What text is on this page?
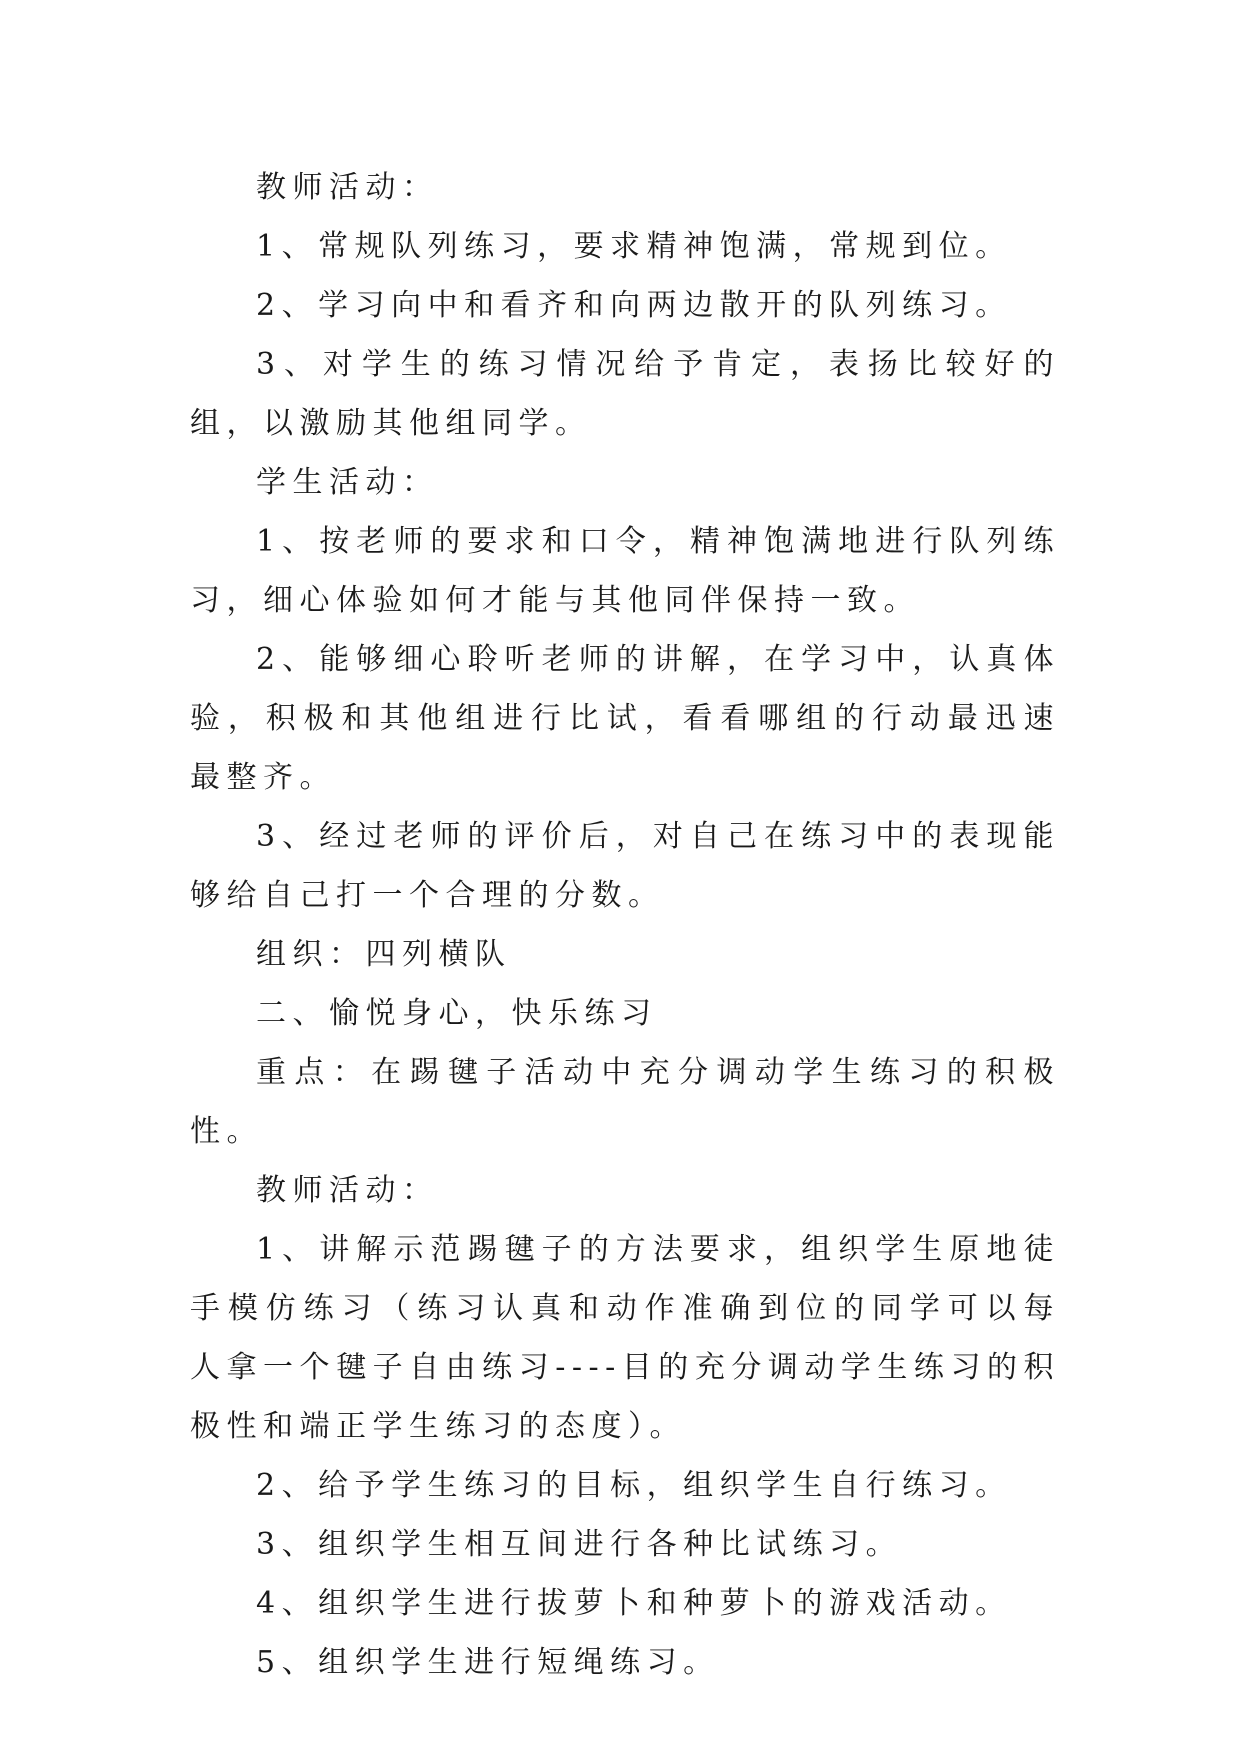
教师活动：

1、常规队列练习，要求精神饱满，常规到位。

2、学习向中和看齐和向两边散开的队列练习。

3、对学生的练习情况给予肯定，表扬比较好的组，以激励其他组同学。

学生活动：

1、按老师的要求和口令，精神饱满地进行队列练习，细心体验如何才能与其他同伴保持一致。

2、能够细心聆听老师的讲解，在学习中，认真体验，积极和其他组进行比试，看看哪组的行动最迅速最整齐。

3、经过老师的评价后，对自己在练习中的表现能够给自己打一个合理的分数。

组织：四列横队

二、愉悦身心，快乐练习

重点：在踢毽子活动中充分调动学生练习的积极性。

教师活动：

1、讲解示范踢毽子的方法要求，组织学生原地徒手模仿练习（练习认真和动作准确到位的同学可以每人拿一个毽子自由练习----目的充分调动学生练习的积极性和端正学生练习的态度）。

2、给予学生练习的目标，组织学生自行练习。

3、组织学生相互间进行各种比试练习。

4、组织学生进行拔萝卜和种萝卜的游戏活动。

5、组织学生进行短绳练习。
